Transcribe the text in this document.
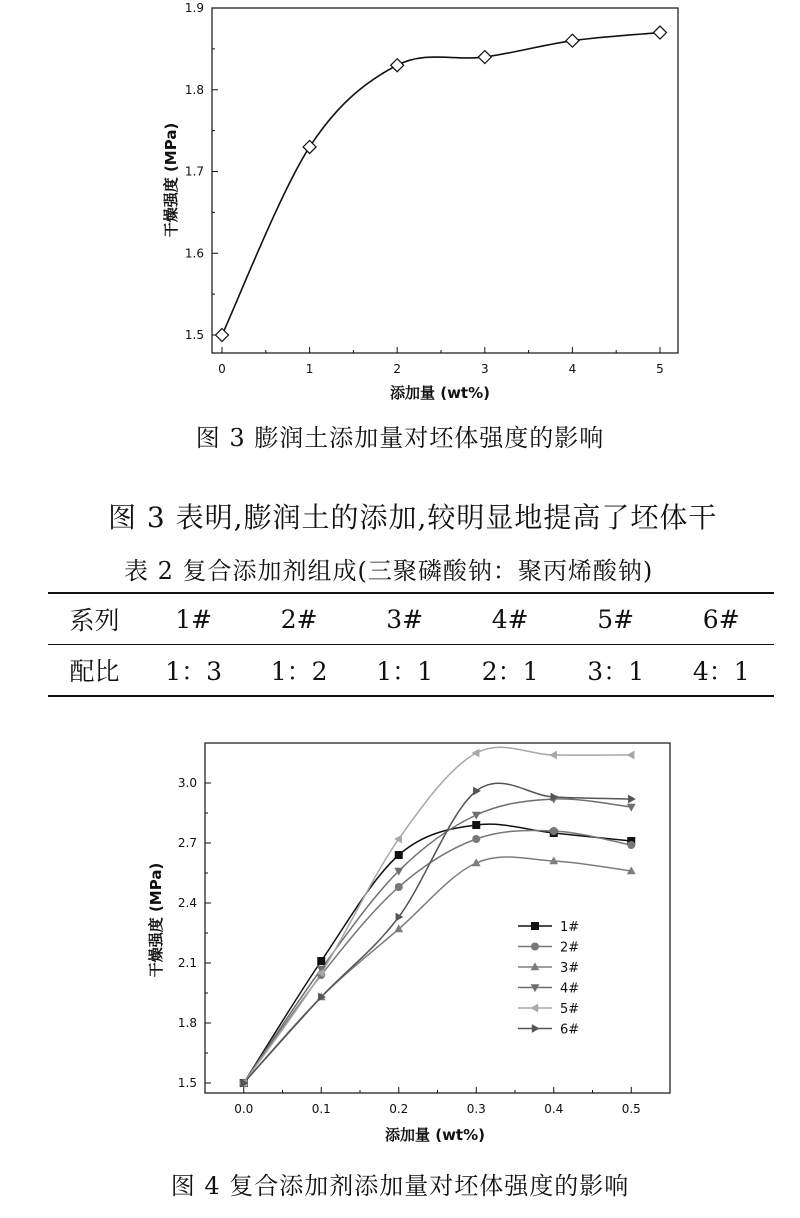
0	1	2	3	4	5
1.5
1.6
1.7
1.8
1.9
干燥强度 (MPa)
添加量 (wt%)
图 3 膨润土添加量对坯体强度的影响
图 3 表明,膨润土的添加,较明显地提高了坯体干
表 2 复合添加剂组成(三聚磷酸钠：聚丙烯酸钠)
系列	1#	2#	3#	4#	5#	6#
配比	1：3	1：2	1：1	2：1	3：1	4：1
0.0	0.1	0.2	0.3	0.4	0.5
1.5
1.8
2.1
2.4
2.7
3.0
1#
2#
3#
4#
5#
6#
干燥强度 (MPa)
添加量 (wt%)
图 4 复合添加剂添加量对坯体强度的影响
